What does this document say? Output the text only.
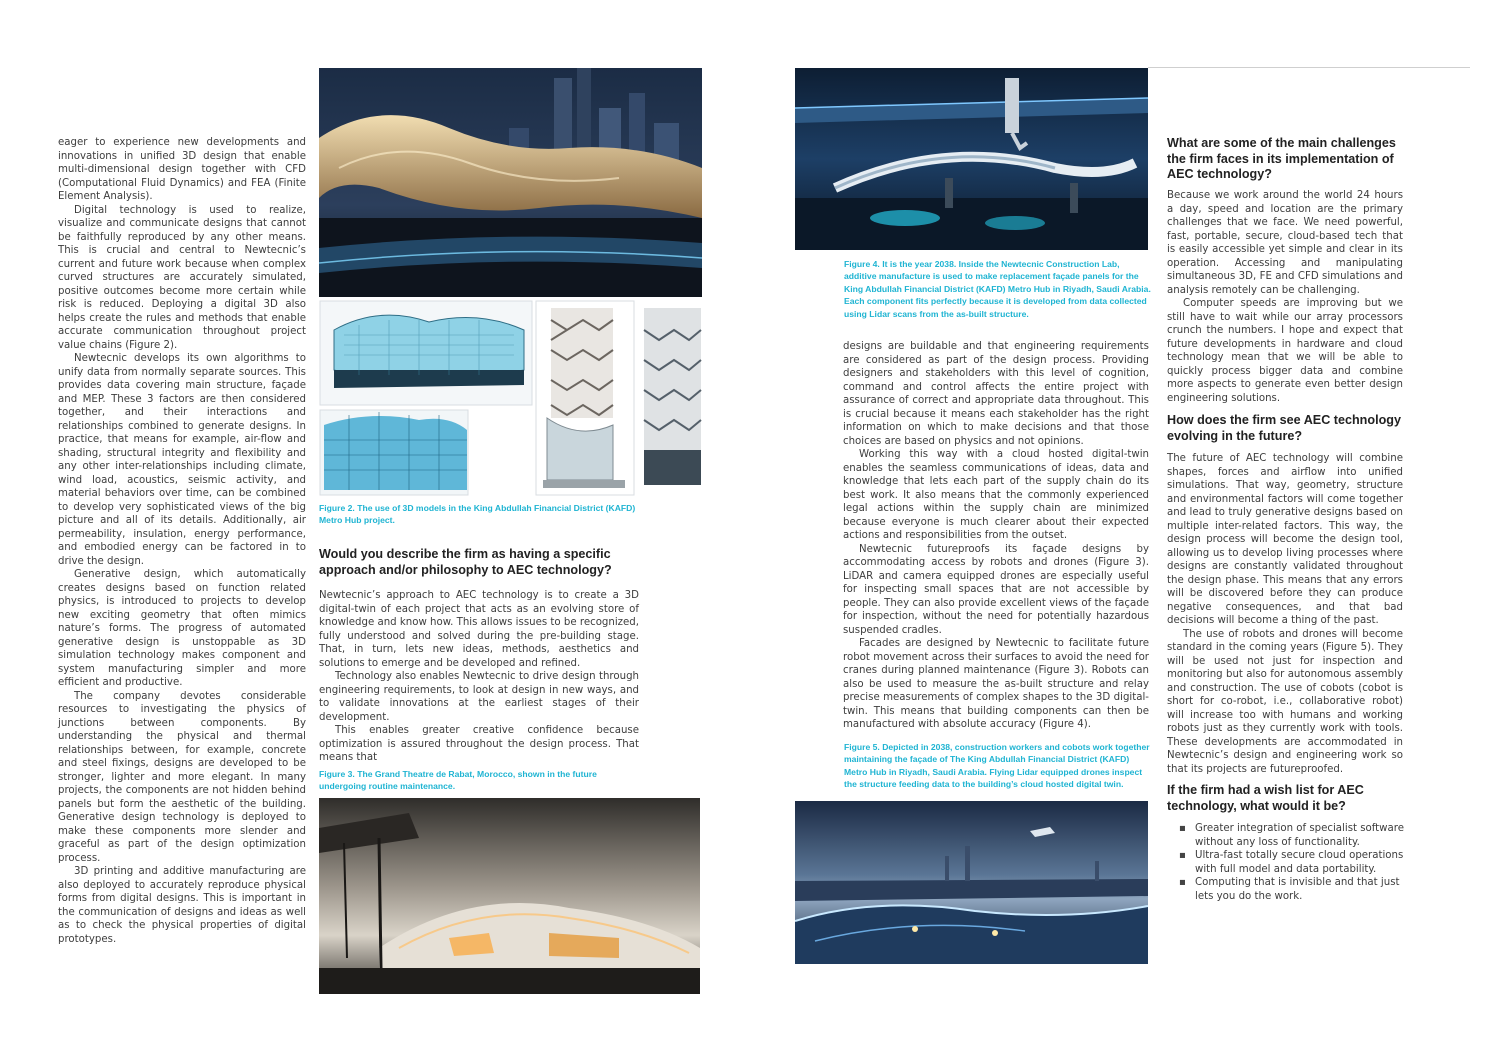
eager to experience new developments and innovations in unified 3D design that enable multi-dimensional design together with CFD (Computational Fluid Dynamics) and FEA (Finite Element Analysis).

Digital technology is used to realize, visualize and communicate designs that cannot be faithfully reproduced by any other means. This is crucial and central to Newtecnic’s current and future work because when complex curved structures are accurately simulated, positive outcomes become more certain while risk is reduced. Deploying a digital 3D also helps create the rules and methods that enable accurate communication throughout project value chains (Figure 2).

Newtecnic develops its own algorithms to unify data from normally separate sources. This provides data covering main structure, façade and MEP. These 3 factors are then considered together, and their interactions and relationships combined to generate designs. In practice, that means for example, air-flow and shading, structural integrity and flexibility and any other inter-relationships including climate, wind load, acoustics, seismic activity, and material behaviors over time, can be combined to develop very sophisticated views of the big picture and all of its details. Additionally, air permeability, insulation, energy performance, and embodied energy can be factored in to drive the design.

Generative design, which automatically creates designs based on function related physics, is introduced to projects to develop new exciting geometry that often mimics nature’s forms. The progress of automated generative design is unstoppable as 3D simulation technology makes component and system manufacturing simpler and more efficient and productive.

The company devotes considerable resources to investigating the physics of junctions between components. By understanding the physical and thermal relationships between, for example, concrete and steel fixings, designs are developed to be stronger, lighter and more elegant. In many projects, the components are not hidden behind panels but form the aesthetic of the building. Generative design technology is deployed to make these components more slender and graceful as part of the design optimization process.

3D printing and additive manufacturing are also deployed to accurately reproduce physical forms from digital designs. This is important in the communication of designs and ideas as well as to check the physical properties of digital prototypes.

Figure 2. The use of 3D models in the King Abdullah Financial District (KAFD) Metro Hub project.

Would you describe the firm as having a specific approach and/or philosophy to AEC technology?

Newtecnic’s approach to AEC technology is to create a 3D digital-twin of each project that acts as an evolving store of knowledge and know how. This allows issues to be recognized, fully understood and solved during the pre-building stage. That, in turn, lets new ideas, methods, aesthetics and solutions to emerge and be developed and refined.

Technology also enables Newtecnic to drive design through engineering requirements, to look at design in new ways, and to validate innovations at the earliest stages of their development.

This enables greater creative confidence because optimization is assured throughout the design process. That means that

Figure 3. The Grand Theatre de Rabat, Morocco, shown in the future undergoing routine maintenance.

Figure 4. It is the year 2038. Inside the Newtecnic Construction Lab, additive manufacture is used to make replacement façade panels for the King Abdullah Financial District (KAFD) Metro Hub in Riyadh, Saudi Arabia. Each component fits perfectly because it is developed from data collected using Lidar scans from the as-built structure.

designs are buildable and that engineering requirements are considered as part of the design process. Providing designers and stakeholders with this level of cognition, command and control affects the entire project with assurance of correct and appropriate data throughout. This is crucial because it means each stakeholder has the right information on which to make decisions and that those choices are based on physics and not opinions.

Working this way with a cloud hosted digital-twin enables the seamless communications of ideas, data and knowledge that lets each part of the supply chain do its best work. It also means that the commonly experienced legal actions within the supply chain are minimized because everyone is much clearer about their expected actions and responsibilities from the outset.

Newtecnic futureproofs its façade designs by accommodating access by robots and drones (Figure 3). LiDAR and camera equipped drones are especially useful for inspecting small spaces that are not accessible by people. They can also provide excellent views of the façade for inspection, without the need for potentially hazardous suspended cradles.

Facades are designed by Newtecnic to facilitate future robot movement across their surfaces to avoid the need for cranes during planned maintenance (Figure 3). Robots can also be used to measure the as-built structure and relay precise measurements of complex shapes to the 3D digital-twin. This means that building components can then be manufactured with absolute accuracy (Figure 4).

Figure 5. Depicted in 2038, construction workers and cobots work together maintaining the façade of The King Abdullah Financial District (KAFD) Metro Hub in Riyadh, Saudi Arabia. Flying Lidar equipped drones inspect the structure feeding data to the building’s cloud hosted digital twin.

What are some of the main challenges the firm faces in its implementation of AEC technology?

Because we work around the world 24 hours a day, speed and location are the primary challenges that we face. We need powerful, fast, portable, secure, cloud-based tech that is easily accessible yet simple and clear in its operation. Accessing and manipulating simultaneous 3D, FE and CFD simulations and analysis remotely can be challenging.

Computer speeds are improving but we still have to wait while our array processors crunch the numbers. I hope and expect that future developments in hardware and cloud technology mean that we will be able to quickly process bigger data and combine more aspects to generate even better design engineering solutions.

How does the firm see AEC technology evolving in the future?

The future of AEC technology will combine shapes, forces and airflow into unified simulations. That way, geometry, structure and environmental factors will come together and lead to truly generative designs based on multiple inter-related factors. This way, the design process will become the design tool, allowing us to develop living processes where designs are constantly validated throughout the design phase. This means that any errors will be discovered before they can produce negative consequences, and that bad decisions will become a thing of the past.

The use of robots and drones will become standard in the coming years (Figure 5). They will be used not just for inspection and monitoring but also for autonomous assembly and construction. The use of cobots (cobot is short for co-robot, i.e., collaborative robot) will increase too with humans and working robots just as they currently work with tools. These developments are accommodated in Newtecnic’s design and engineering work so that its projects are futureproofed.

If the firm had a wish list for AEC technology, what would it be?
▪ Greater integration of specialist software without any loss of functionality.
▪ Ultra-fast totally secure cloud operations with full model and data portability.
▪ Computing that is invisible and that just lets you do the work.
